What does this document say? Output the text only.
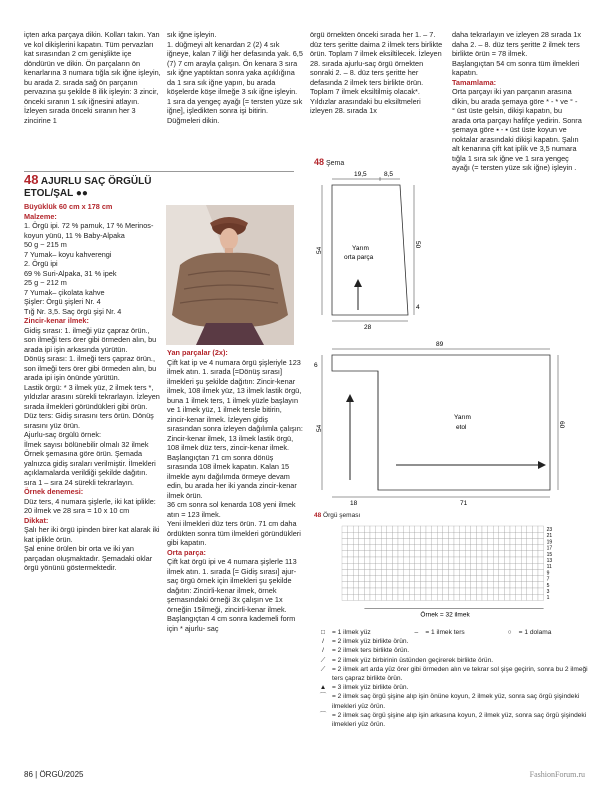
içten arka parçaya dikin. Kolları takın. Yan ve kol dikişlerini kapatın. Tüm pervazları kat sırasından 2 cm genişlikte içe döndürün ve dikin. Ön parçaların ön kenarlarına 3 numara tığla sık iğne işleyin, bu arada 2. sırada sağ ön parçanın pervazına şu şekilde 8 ilik işleyin: 3 zincir, önceki sıranın 1 sık iğnesini atlayın. İzleyen sırada önceki sıranın her 3 zincirine 1

48 AJURLU SAÇ ÖRGÜLÜ ETOL/ŞAL ●●

Büyüklük 60 cm x 178 cm

Malzeme:

1. Örgü ipi. 72 % pamuk, 17 % Merinos-koyun yünü, 11 % Baby-Alpaka

50 g ~ 215 m

7 Yumak– koyu kahverengi

2. Örgü ipi

69 % Suri-Alpaka, 31 % ipek

25 g ~ 212 m

7 Yumak– çikolata kahve

Şişler: Örgü şişleri Nr. 4

Tığ Nr. 3,5. Saç örgü şişi Nr. 4

Zincir-kenar ilmek:

Gidiş sırası: 1. ilmeği yüz çapraz örün., son ilmeği ters örer gibi örmeden alın, bu arada ipi işin arkasında yürütün.

Dönüş sırası: 1. ilmeği ters çapraz örün., son ilmeği ters örer gibi örmeden alın, bu arada ipi işin önünde yürütün.

Lastik örgü: * 3 ilmek yüz, 2 ilmek ters *, yıldızlar arasını sürekli tekrarlayın. İzleyen sırada ilmekleri göründükleri gibi örün.

Düz ters: Gidiş sırasını ters örün. Dönüş sırasını yüz örün.

Ajurlu-saç örgülü örnek:

İlmek sayısı bölünebilir olmalı 32 ilmek Örnek şemasına göre örün. Şemada yalnızca gidiş sıraları verilmiştir. İlmekleri açıklamalarda verildiği şekilde dağıtın.

sıra 1 – sıra 24 sürekli tekrarlayın.

Örnek denemesi:

Düz ters, 4 numara şişlerle, iki kat iplikle:

20 ilmek ve 28 sıra = 10 x 10 cm

Dikkat:

Şalı her iki örgü ipinden birer kat alarak iki kat iplikle örün.

Şal enine örülen bir orta ve iki yan parçadan oluşmaktadır. Şemadaki oklar örgü yönünü göstermektedir.

sık iğne işleyin.

1. düğmeyi alt kenardan 2 (2) 4 sık iğneye, kalan 7 iliği her defasında yak. 6,5 (7) 7 cm arayla çalışın. Ön kenara 3 sıra sık iğne yaptıktan sonra yaka açıklığına da 1 sıra sık iğne yapın, bu arada köşelerde köşe ilmeğe 3 sık iğne işleyin. 1 sıra da yengeç ayağı [= tersten yüze sık iğne], işledikten sonra işi bitirin. Düğmeleri dikin.

Yan parçalar (2x):

Çift kat ip ve 4 numara örgü şişleriyle 123 ilmek atın. 1. sırada [=Dönüş sırası] ilmekleri şu şekilde dağıtın: Zincir-kenar ilmek, 108 ilmek yüz, 13 ilmek lastik örgü, buna 1 ilmek ters, 1 ilmek yüzle başlayın ve 1 ilmek yüz, 1 ilmek tersle bitirin, zincir-kenar ilmek. İzleyen gidiş sırasından sonra izleyen dağılımla çalışın: Zincir-kenar ilmek, 13 ilmek lastik örgü, 108 ilmek düz ters, zincir-kenar ilmek. Başlangıçtan 71 cm sonra dönüş sırasında 108 ilmek kapatın. Kalan 15 ilmekle aynı dağılımda örmeye devam edin, bu arada her iki yanda zincir-kenar ilmek örün.

36 cm sonra sol kenarda 108 yeni ilmek atın = 123 ilmek.

Yeni ilmekleri düz ters örün. 71 cm daha ördükten sonra tüm ilmekleri göründükleri gibi kapatın.

Orta parça:

Çift kat örgü ipi ve 4 numara şişlerle 113 ilmek atın. 1. sırada [= Gidiş sırası] ajur-saç örgü örnek için ilmekleri şu şekilde dağıtın: Zincirli-kenar ilmek, örnek şemasındaki örneği 3x çalışın ve 1x örneğin 15ilmeği, zincirli-kenar ilmek. Başlangıçtan 4 cm sonra kademeli form için * ajurlu- saç

örgü örnekten önceki sırada her 1. – 7. düz ters şeritte daima 2 ilmek ters birlikte örün. Toplam 7 ilmek eksiltilecek. İzleyen 28. sırada ajurlu-saç örgü örnekten sonraki 2. – 8. düz ters şeritte her defasında 2 ilmek ters birlikte örün. Toplam 7 ilmek eksiltilmiş olacak*. Yıldızlar arasındaki bu eksiltmeleri izleyen 28. sırada 1x

daha tekrarlayın ve izleyen 28 sırada 1x daha 2. – 8. düz ters şeritte 2 ilmek ters birlikte örün = 78 ilmek.

Başlangıçtan 54 cm sonra tüm ilmekleri kapatın.

Tamamlama:

Orta parçayı iki yan parçanın arasına dikin, bu arada şemaya göre * - * ve ° - ° üst üste gelsin, dikişi kapatın, bu arada orta parçayı hafifçe yedirin. Sonra şemaya göre ▪ - ▪ üst üste koyun ve noktalar arasındaki dikişi kapatın. Şalın alt kenarına çift kat iplik ve 3,5 numara tığla 1 sıra sık iğne ve 1 sıra yengeç ayağı (= tersten yüze sık iğne) işleyin .

48 Şema
19,5	8,5
54
50
4
28
Yarım
orta parça
89
6
54
60
18	71
Yarım
etol
48 Örgü şeması
23
21
19
17
15
13
11
9
7
5
3
1
Örnek = 32 ilmek
□	= 1 ilmek yüz	–	= 1 ilmek ters	○	= 1 dolama
/	= 2 ilmek yüz birlikte örün.
/	= 2 ilmek ters birlikte örün.
⟋	= 2 ilmek yüz birbirinin üstünden geçirerek birlikte örün.
⟋	= 2 ilmek art arda yüz örer gibi örmeden alın ve tekrar sol şişe geçirin, sonra bu 2 ilmeği ters çapraz birlikte örün.
▲ = 3 ilmek yüz birlikte örün.
⌒ = 2 ilmek saç örgü şişine alıp işin önüne koyun, 2 ilmek yüz, sonra saç örgü şişindeki ilmekleri yüz örün.
⌒ = 2 ilmek saç örgü şişine alıp işin arkasına koyun, 2 ilmek yüz, sonra saç örgü şişindeki ilmekleri yüz örün.
86 | ÖRGÜ/2025	FashionForum.ru
